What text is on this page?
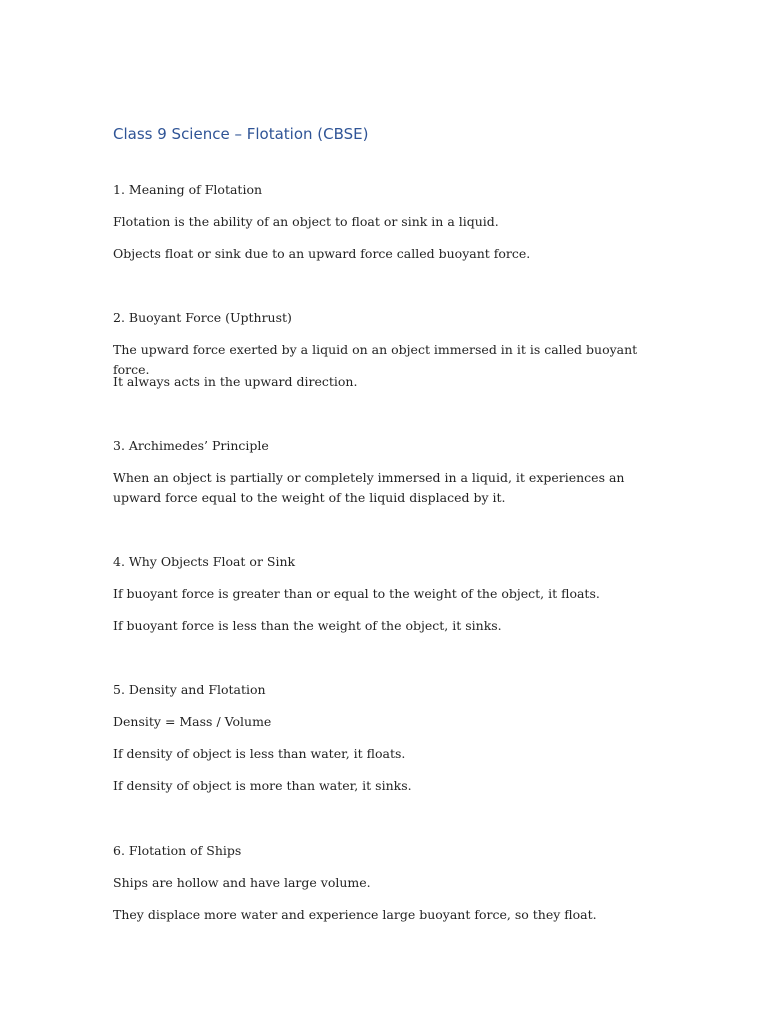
Class 9 Science – Flotation (CBSE)

1. Meaning of Flotation

Flotation is the ability of an object to float or sink in a liquid.

Objects float or sink due to an upward force called buoyant force.

2. Buoyant Force (Upthrust)

The upward force exerted by a liquid on an object immersed in it is called buoyant force.

It always acts in the upward direction.

3. Archimedes’ Principle

When an object is partially or completely immersed in a liquid, it experiences an upward force equal to the weight of the liquid displaced by it.

4. Why Objects Float or Sink

If buoyant force is greater than or equal to the weight of the object, it floats.

If buoyant force is less than the weight of the object, it sinks.

5. Density and Flotation

Density = Mass / Volume

If density of object is less than water, it floats.

If density of object is more than water, it sinks.

6. Flotation of Ships

Ships are hollow and have large volume.

They displace more water and experience large buoyant force, so they float.
